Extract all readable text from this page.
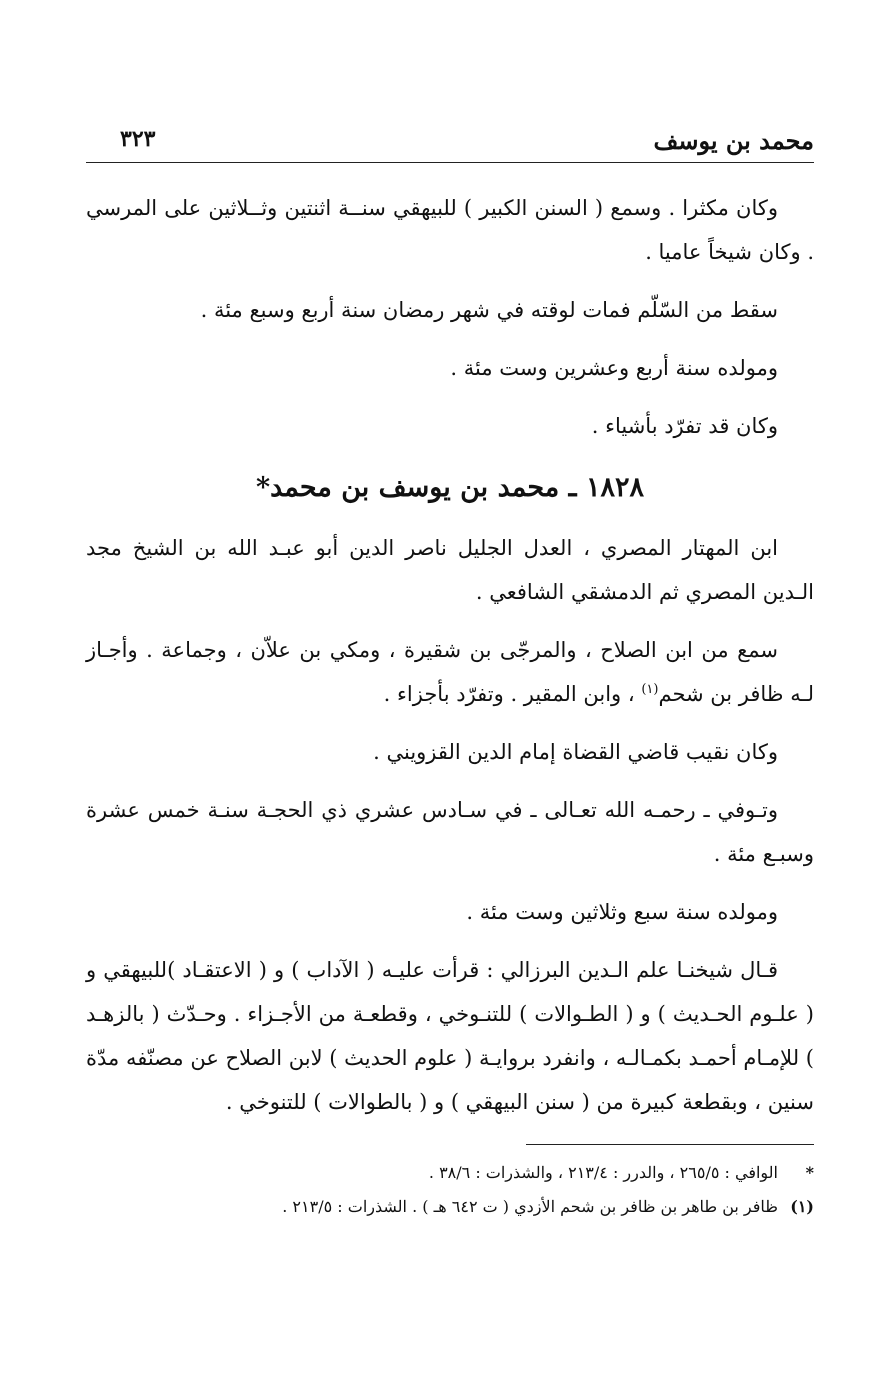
محمد بن يوسف
٣٢٣

وكان مكثرا . وسمع ( السنن الكبير ) للبيهقي سنــة اثنتين وثــلاثين على المرسي . وكان شيخاً عاميا .

سقط من السّلّم فمات لوقته في شهر رمضان سنة أربع وسبع مئة .

ومولده سنة أربع وعشرين وست مئة .

وكان قد تفرّد بأشياء .

١٨٢٨ ـ محمد بن يوسف بن محمد*

ابن المهتار المصري ، العدل الجليل ناصر الدين أبو عبـد الله بن الشيخ مجد الـدين المصري ثم الدمشقي الشافعي .

سمع من ابن الصلاح ، والمرجّى بن شقيرة ، ومكي بن علاّن ، وجماعة . وأجـاز لـه ظافر بن شحم$^{(١)}$ ، وابن المقير . وتفرّد بأجزاء .

وكان نقيب قاضي القضاة إمام الدين القزويني .

وتـوفي ـ رحمـه الله تعـالى ـ في سـادس عشري ذي الحجـة سنـة خمس عشرة وسبـع مئة .

ومولده سنة سبع وثلاثين وست مئة .

قـال شيخنـا علم الـدين البرزالي : قرأت عليـه ( الآداب ) و ( الاعتقـاد )للبيهقي و ( علـوم الحـديث ) و ( الطـوالات ) للتنـوخي ، وقطعـة من الأجـزاء . وحـدّث ( بالزهـد ) للإمـام أحمـد بكمـالـه ، وانفرد بروايـة ( علوم الحديث ) لابن الصلاح عن مصنّفه مدّة سنين ، وبقطعة كبيرة من ( سنن البيهقي ) و ( بالطوالات ) للتنوخي .

*
الوافي : ٢٦٥/٥ ، والدرر : ٢١٣/٤ ، والشذرات : ٣٨/٦ .
(١)
ظافر بن طاهر بن ظافر بن شحم الأزدي ( ت ٦٤٢ هـ ) . الشذرات : ٢١٣/٥ .
